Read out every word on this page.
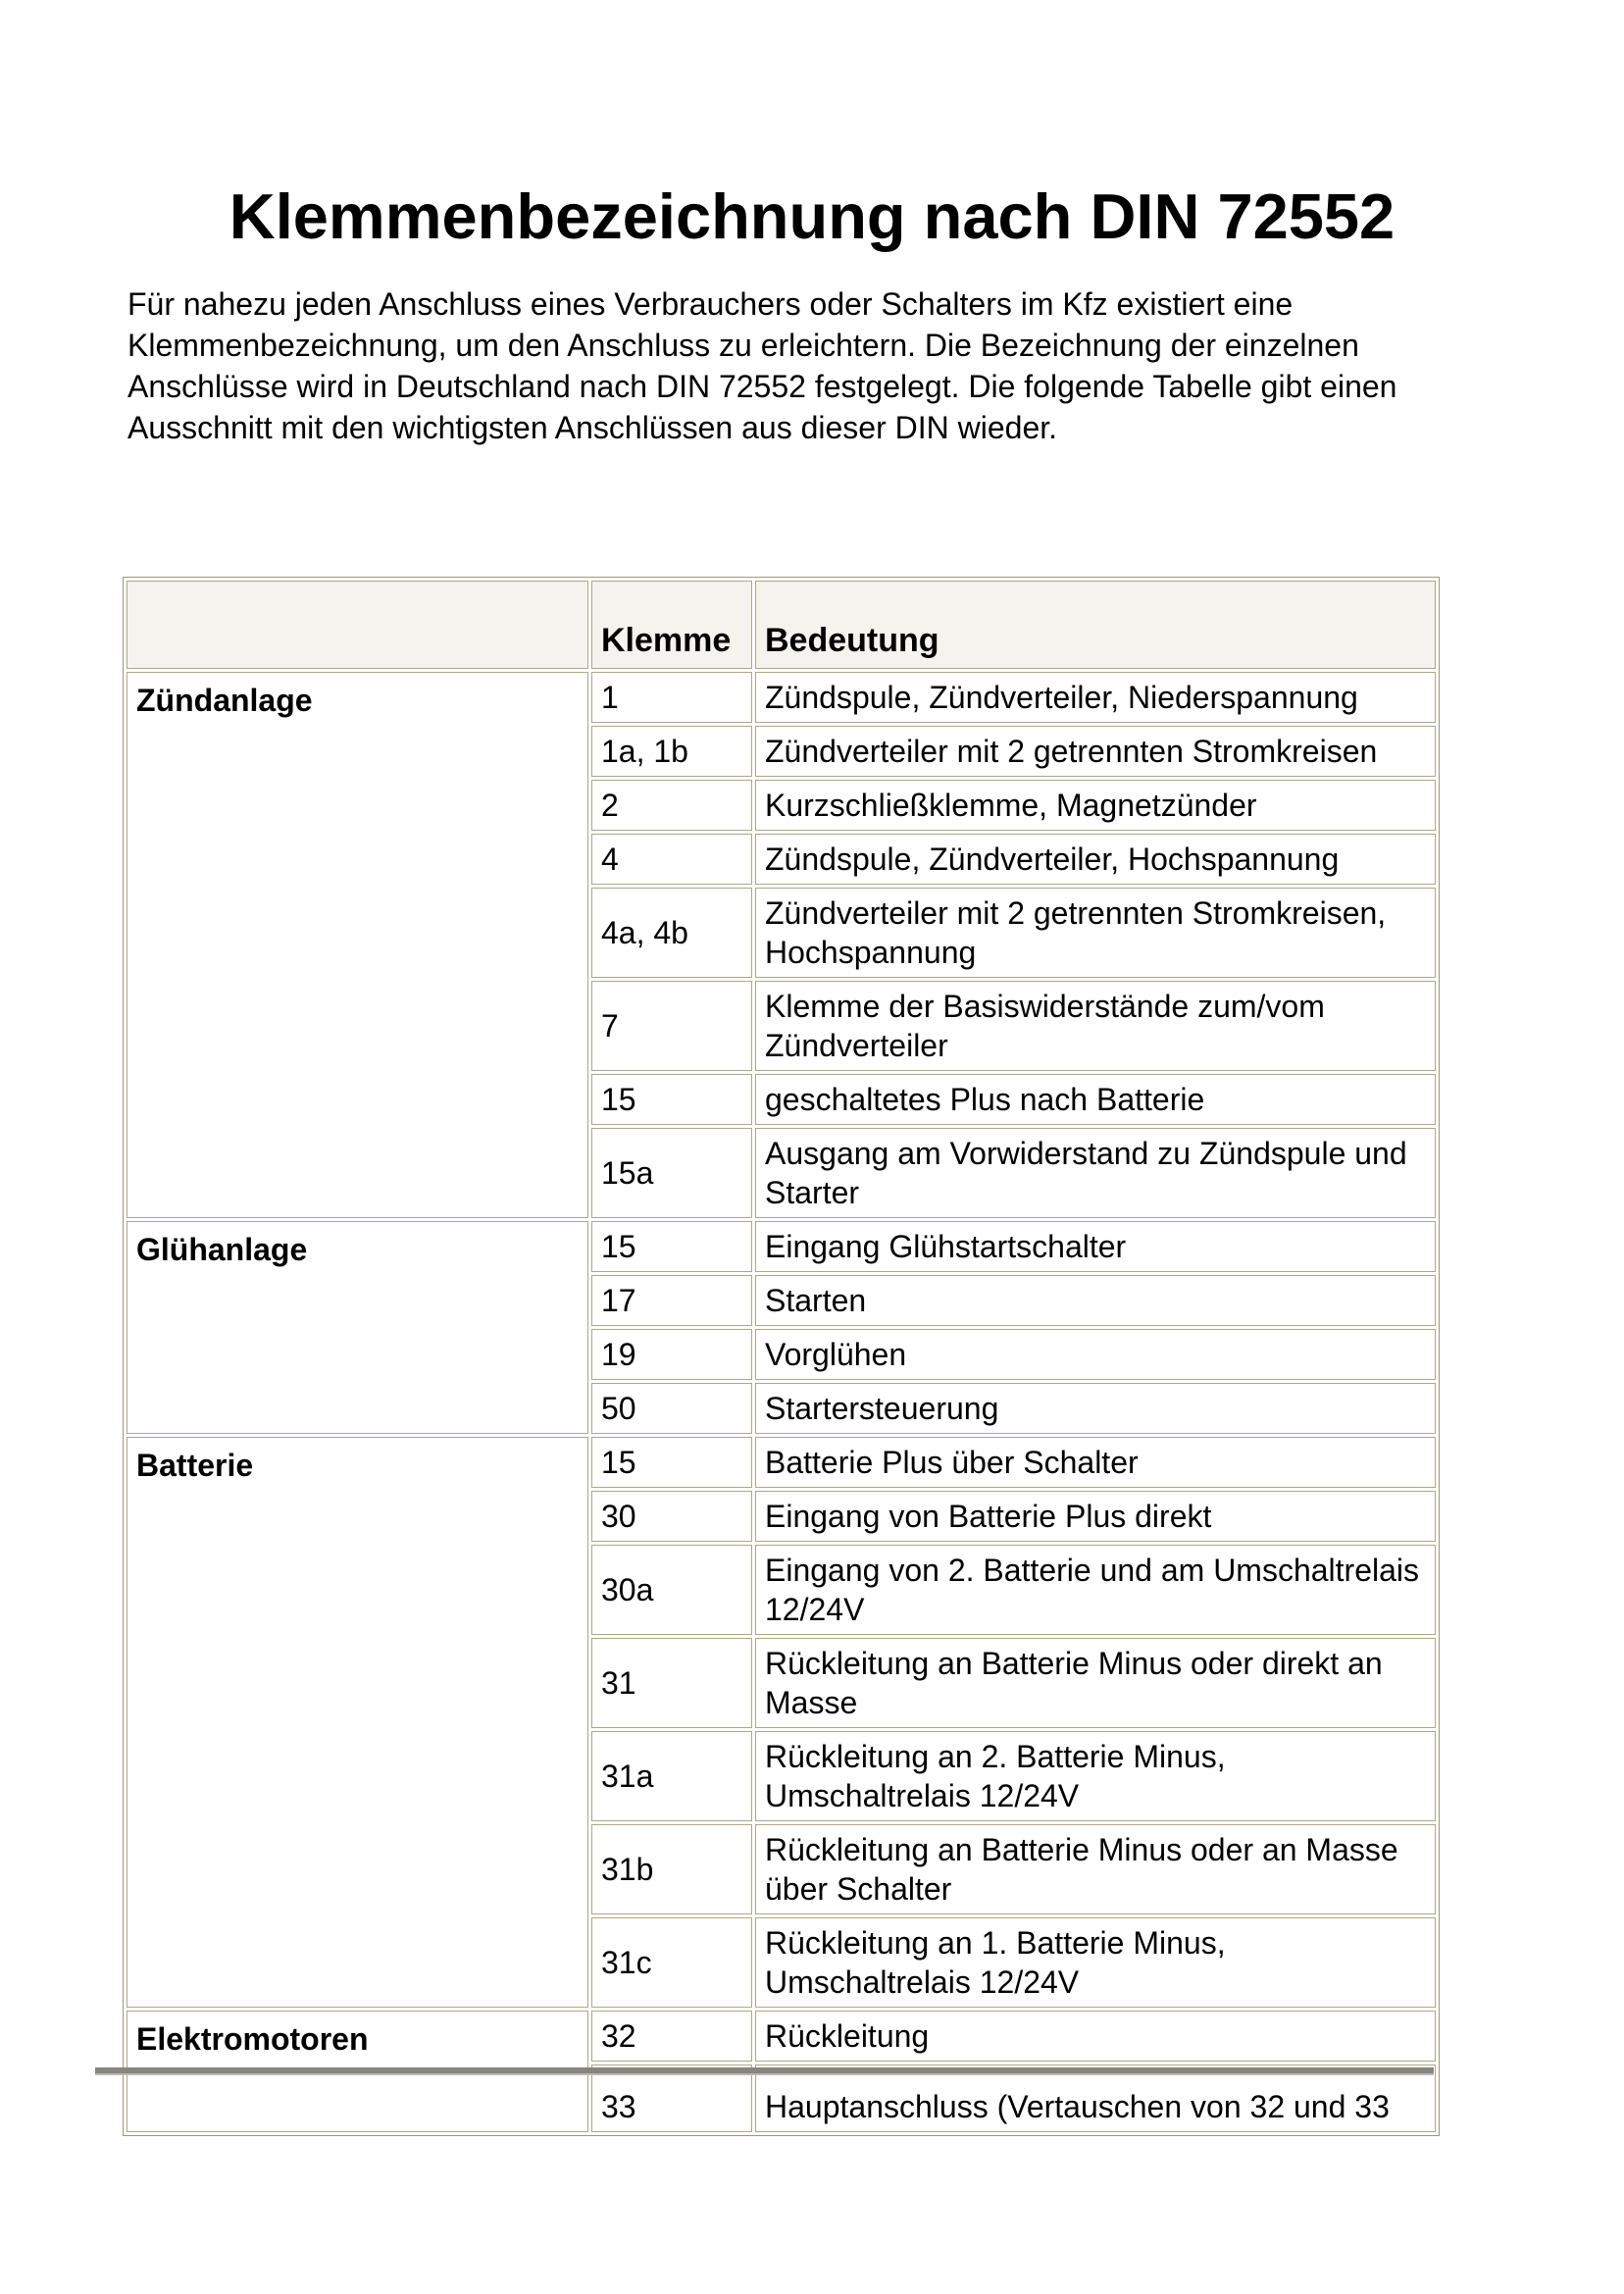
Klemmenbezeichnung nach DIN 72552

Für nahezu jeden Anschluss eines Verbrauchers oder Schalters im Kfz existiert eine Klemmenbezeichnung, um den Anschluss zu erleichtern. Die Bezeichnung der einzelnen Anschlüsse wird in Deutschland nach DIN 72552 festgelegt. Die folgende Tabelle gibt einen Ausschnitt mit den wichtigsten Anschlüssen aus dieser DIN wieder.

	Klemme	Bedeutung
Zündanlage	1	Zündspule, Zündverteiler, Niederspannung
	1a, 1b	Zündverteiler mit 2 getrennten Stromkreisen
	2	Kurzschließklemme, Magnetzünder
	4	Zündspule, Zündverteiler, Hochspannung
	4a, 4b	Zündverteiler mit 2 getrennten Stromkreisen, Hochspannung
	7	Klemme der Basiswiderstände zum/vom Zündverteiler
	15	geschaltetes Plus nach Batterie
	15a	Ausgang am Vorwiderstand zu Zündspule und Starter
Glühanlage	15	Eingang Glühstartschalter
	17	Starten
	19	Vorglühen
	50	Startersteuerung
Batterie	15	Batterie Plus über Schalter
	30	Eingang von Batterie Plus direkt
	30a	Eingang von 2. Batterie und am Umschaltrelais 12/24V
	31	Rückleitung an Batterie Minus oder direkt an Masse
	31a	Rückleitung an 2. Batterie Minus, Umschaltrelais 12/24V
	31b	Rückleitung an Batterie Minus oder an Masse über Schalter
	31c	Rückleitung an 1. Batterie Minus, Umschaltrelais 12/24V
Elektromotoren	32	Rückleitung
	33	Hauptanschluss (Vertauschen von 32 und 33
